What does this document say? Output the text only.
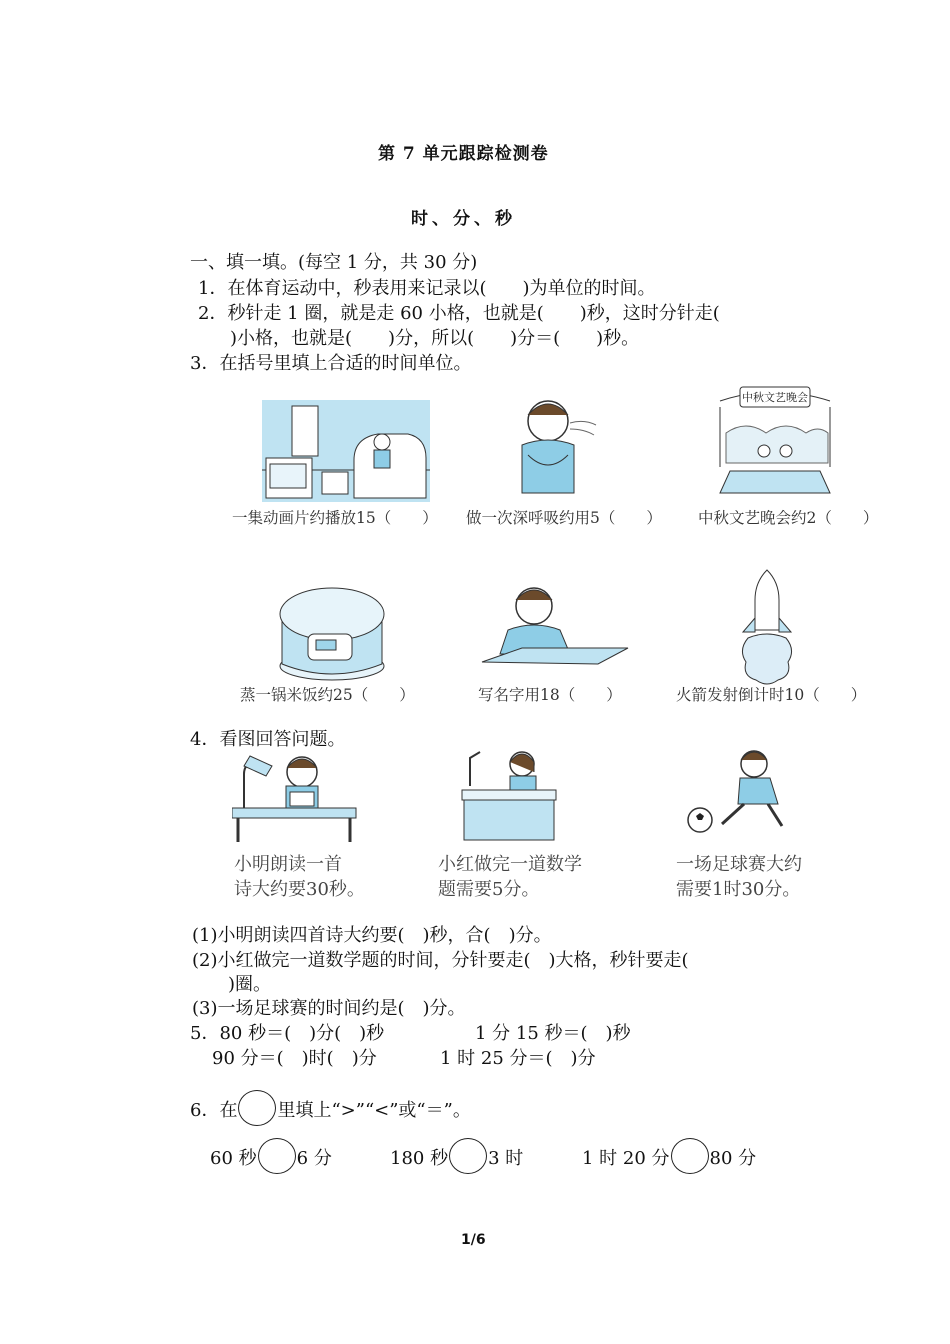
第 7 单元跟踪检测卷
时、分、秒
一、填一填。(每空 1 分，共 30 分)
1．在体育运动中，秒表用来记录以(　　)为单位的时间。
2．秒针走 1 圈，就是走 60 小格，也就是(　　)秒，这时分针走(
)小格，也就是(　　)分，所以(　　)分＝(　　)秒。
3．在括号里填上合适的时间单位。
中秋文艺晚会
一集动画片约播放15（　　） 做一次深呼吸约用5（　　） 中秋文艺晚会约2（　　）
蒸一锅米饭约25（　　）	写名字用18（　　）	火箭发射倒计时10（　　）
4．看图回答问题。
小明朗读一首
诗大约要30秒。
小红做完一道数学
题需要5分。
一场足球赛大约
需要1时30分。
(1)小明朗读四首诗大约要(　)秒，合(　)分。
(2)小红做完一道数学题的时间，分针要走(　)大格，秒针要走(
)圈。
(3)一场足球赛的时间约是(　)分。
5．80 秒＝(　)分(　)秒	1 分 15 秒＝(　)秒
90 分＝(　)时(　)分	1 时 25 分＝(　)分
6．在 里填上“>”“<”或“＝”。
60 秒 6 分	180 秒 3 时	1 时 20 分 80 分
1/6
